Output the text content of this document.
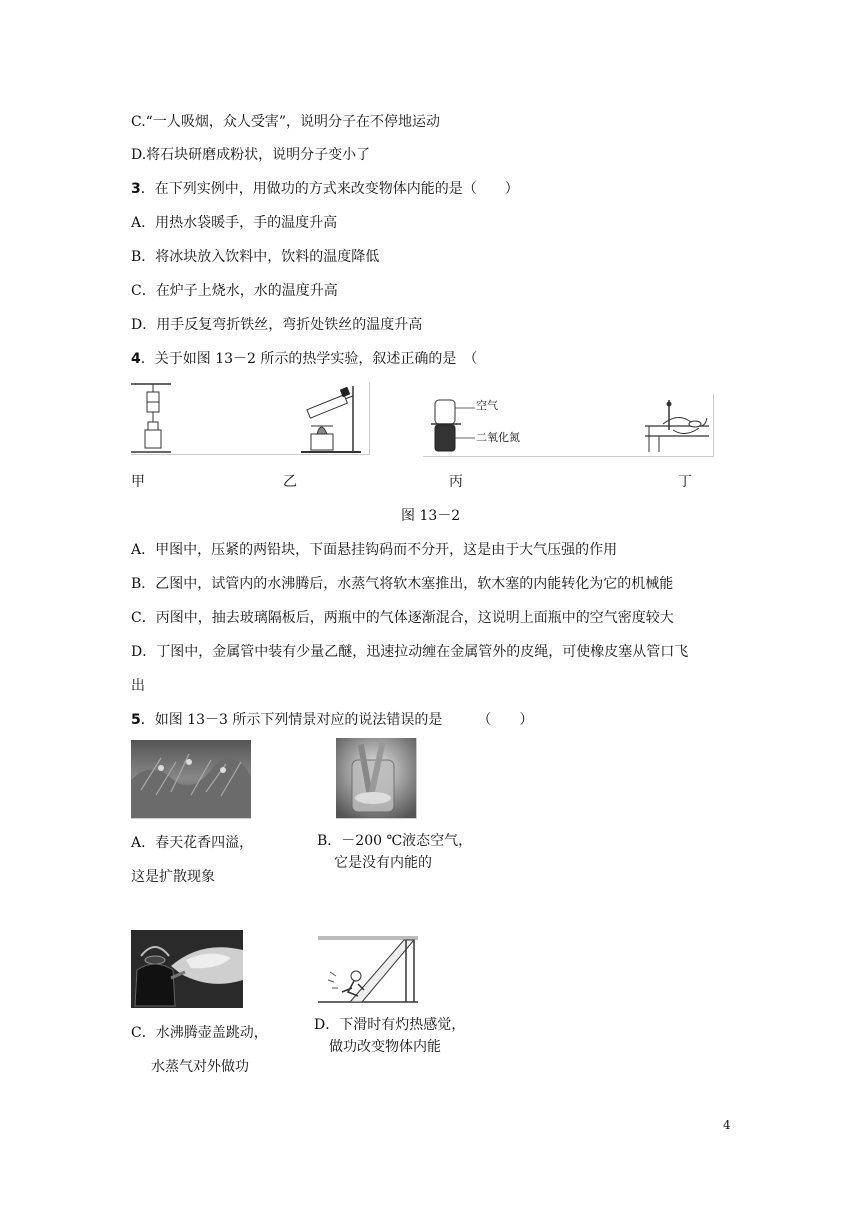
C.“一人吸烟，众人受害”，说明分子在不停地运动
D.将石块研磨成粉状，说明分子变小了
3．在下列实例中，用做功的方式来改变物体内能的是（　　）
A．用热水袋暖手，手的温度升高
B．将冰块放入饮料中，饮料的温度降低
C．在炉子上烧水，水的温度升高
D．用手反复弯折铁丝，弯折处铁丝的温度升高
4．关于如图 13－2 所示的热学实验，叙述正确的是　（
空气
二氧化氮
甲	乙	丙	丁
图 13－2
A．甲图中，压紧的两铅块，下面悬挂钩码而不分开，这是由于大气压强的作用
B．乙图中，试管内的水沸腾后，水蒸气将软木塞推出，软木塞的内能转化为它的机械能
C．丙图中，抽去玻璃隔板后，两瓶中的气体逐渐混合，这说明上面瓶中的空气密度较大
D．丁图中，金属管中装有少量乙醚，迅速拉动缠在金属管外的皮绳，可使橡皮塞从管口飞
出
5．如图 13－3 所示下列情景对应的说法错误的是　　　（　　）
A．春天花香四溢，
这是扩散现象
B．－200 ℃液态空气，
它是没有内能的
C．水沸腾壶盖跳动，
水蒸气对外做功
D．下滑时有灼热感觉，
做功改变物体内能
4
